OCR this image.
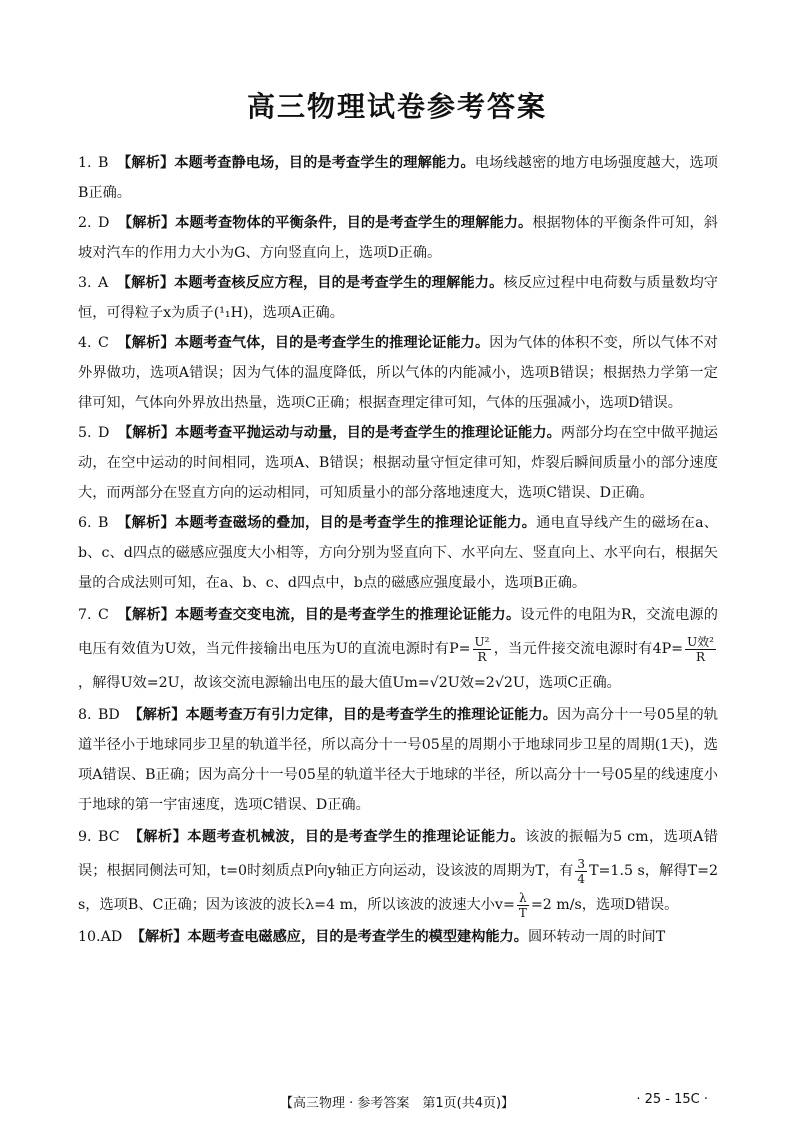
高三物理试卷参考答案

1. B 【解析】本题考查静电场，目的是考查学生的理解能力。电场线越密的地方电场强度越大，选项B正确。

2. D 【解析】本题考查物体的平衡条件，目的是考查学生的理解能力。根据物体的平衡条件可知，斜坡对汽车的作用力大小为G、方向竖直向上，选项D正确。

3. A 【解析】本题考查核反应方程，目的是考查学生的理解能力。核反应过程中电荷数与质量数均守恒，可得粒子x为质子(¹₁H)，选项A正确。

4. C 【解析】本题考查气体，目的是考查学生的推理论证能力。因为气体的体积不变，所以气体不对外界做功，选项A错误；因为气体的温度降低，所以气体的内能减小，选项B错误；根据热力学第一定律可知，气体向外界放出热量，选项C正确；根据查理定律可知，气体的压强减小，选项D错误。

5. D 【解析】本题考查平抛运动与动量，目的是考查学生的推理论证能力。两部分均在空中做平抛运动，在空中运动的时间相同，选项A、B错误；根据动量守恒定律可知，炸裂后瞬间质量小的部分速度大，而两部分在竖直方向的运动相同，可知质量小的部分落地速度大，选项C错误、D正确。

6. B 【解析】本题考查磁场的叠加，目的是考查学生的推理论证能力。通电直导线产生的磁场在a、b、c、d四点的磁感应强度大小相等，方向分别为竖直向下、水平向左、竖直向上、水平向右，根据矢量的合成法则可知，在a、b、c、d四点中，b点的磁感应强度最小，选项B正确。

7. C 【解析】本题考查交变电流，目的是考查学生的推理论证能力。设元件的电阻为R，交流电源的电压有效值为U效，当元件接输出电压为U的直流电源时有$P= \frac{\text{U²}}{R}$ ，当元件接交流电源时有$4P= \frac{\text{U效²}}{R}$
，解得U效=2U，故该交流电源输出电压的最大值Um=√2U效=2√2U，选项C正确。

8. BD 【解析】本题考查万有引力定律，目的是考查学生的推理论证能力。因为高分十一号05星的轨道半径小于地球同步卫星的轨道半径，所以高分十一号05星的周期小于地球同步卫星的周期(1天)，选项A错误、B正确；因为高分十一号05星的轨道半径大于地球的半径，所以高分十一号05星的线速度小于地球的第一宇宙速度，选项C错误、D正确。

9. BC 【解析】本题考查机械波，目的是考查学生的推理论证能力。该波的振幅为5 cm，选项A错误；根据同侧法可知，t=0时刻质点P向y轴正方向运动，设该波的周期为T，有 $\frac{3}{4} T=1.5$ s，解得T=2 s，选项B、C正确；因为该波的波长λ=4 m，所以该波的波速大小$v= \frac{\lambda}{T} =2$ m/s，选项D错误。

10.AD 【解析】本题考查电磁感应，目的是考查学生的模型建构能力。圆环转动一周的时间T

【高三物理 · 参考答案　第1页(共4页)】	· 25 - 15C ·
